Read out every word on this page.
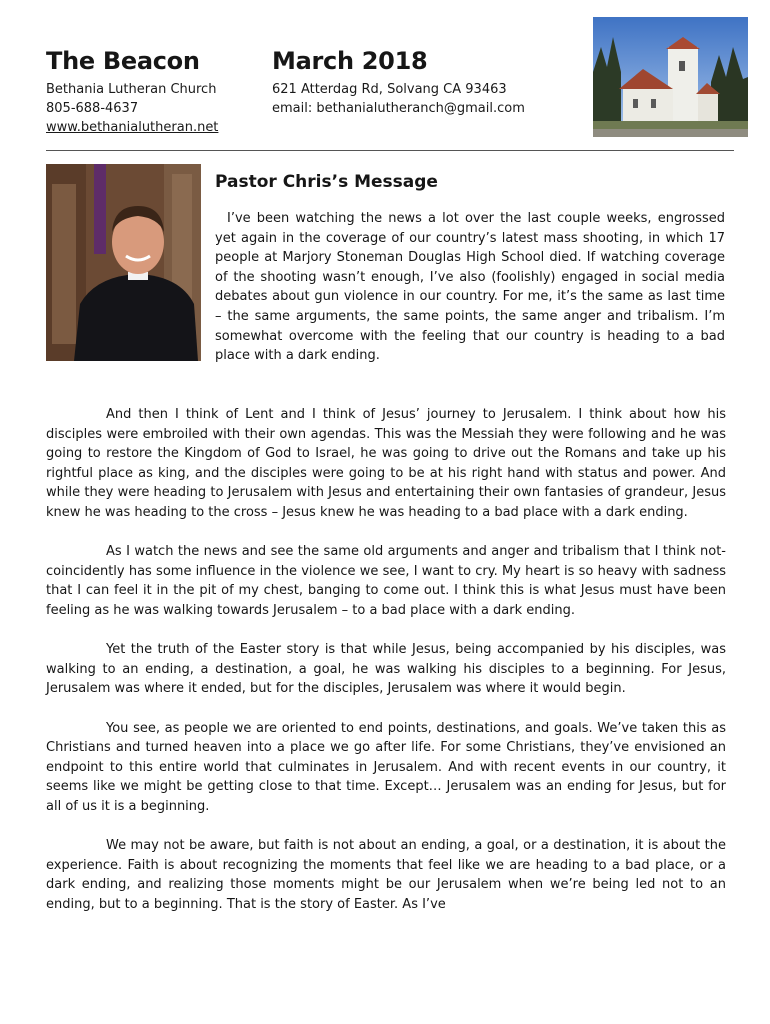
The Beacon
Bethania Lutheran Church
805-688-4637
www.bethanialutheran.net
March 2018
621 Atterdag Rd, Solvang CA 93463
email: bethanialutheranch@gmail.com
Pastor Chris’s Message

I’ve been watching the news a lot over the last couple weeks, engrossed yet again in the coverage of our country’s latest mass shooting, in which 17 people at Marjory Stoneman Douglas High School died. If watching coverage of the shooting wasn’t enough, I’ve also (foolishly) engaged in social media debates about gun violence in our country. For me, it’s the same as last time – the same arguments, the same points, the same anger and tribalism. I’m somewhat overcome with the feeling that our country is heading to a bad place with a dark ending.

And then I think of Lent and I think of Jesus’ journey to Jerusalem. I think about how his disciples were embroiled with their own agendas. This was the Messiah they were following and he was going to restore the Kingdom of God to Israel, he was going to drive out the Romans and take up his rightful place as king, and the disciples were going to be at his right hand with status and power. And while they were heading to Jerusalem with Jesus and entertaining their own fantasies of grandeur, Jesus knew he was heading to the cross – Jesus knew he was heading to a bad place with a dark ending.

As I watch the news and see the same old arguments and anger and tribalism that I think not-coincidently has some influence in the violence we see, I want to cry. My heart is so heavy with sadness that I can feel it in the pit of my chest, banging to come out. I think this is what Jesus must have been feeling as he was walking towards Jerusalem – to a bad place with a dark ending.

Yet the truth of the Easter story is that while Jesus, being accompanied by his disciples, was walking to an ending, a destination, a goal, he was walking his disciples to a beginning. For Jesus, Jerusalem was where it ended, but for the disciples, Jerusalem was where it would begin.

You see, as people we are oriented to end points, destinations, and goals. We’ve taken this as Christians and turned heaven into a place we go after life. For some Christians, they’ve envisioned an endpoint to this entire world that culminates in Jerusalem. And with recent events in our country, it seems like we might be getting close to that time. Except… Jerusalem was an ending for Jesus, but for all of us it is a beginning.

We may not be aware, but faith is not about an ending, a goal, or a destination, it is about the experience. Faith is about recognizing the moments that feel like we are heading to a bad place, or a dark ending, and realizing those moments might be our Jerusalem when we’re being led not to an ending, but to a beginning. That is the story of Easter. As I’ve
